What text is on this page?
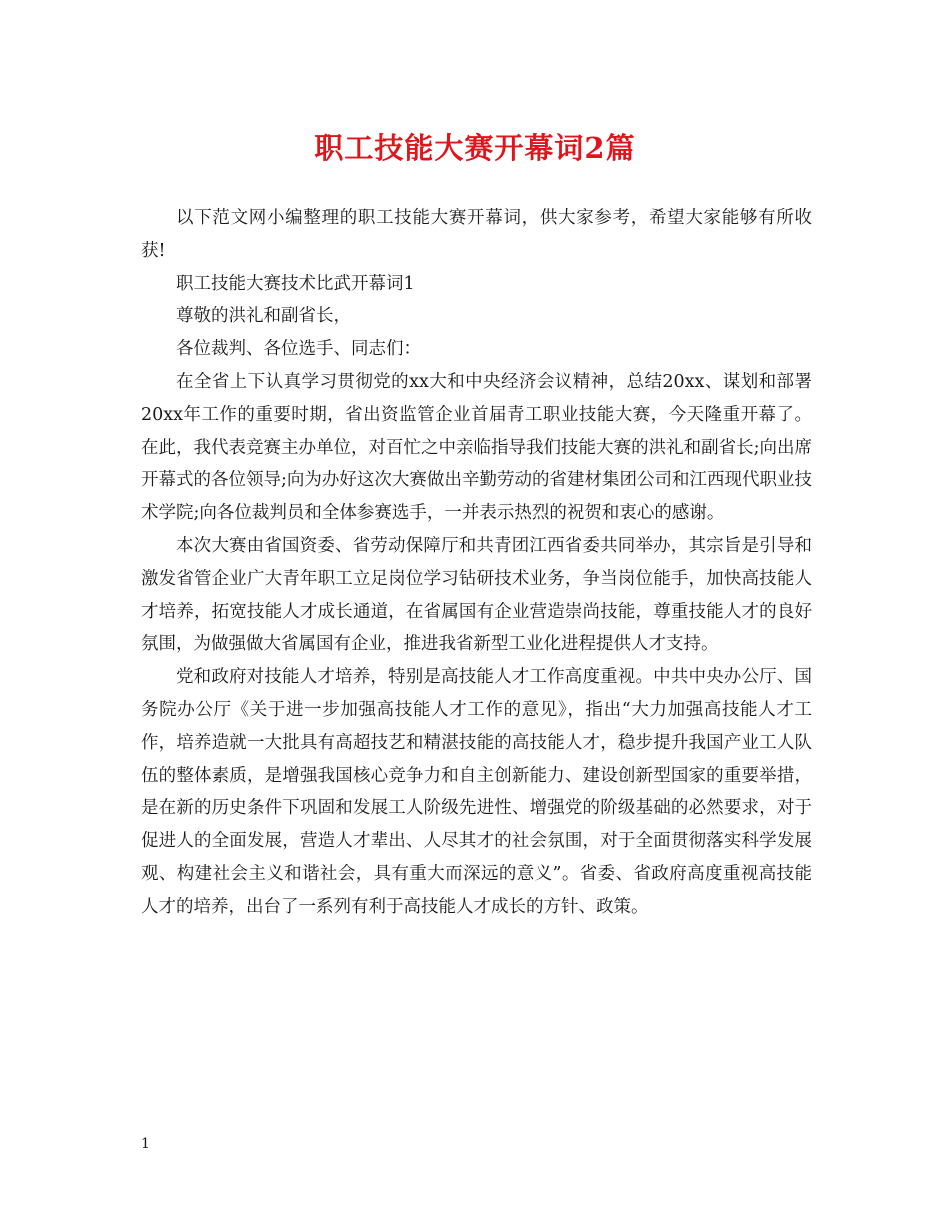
职工技能大赛开幕词2篇

以下范文网小编整理的职工技能大赛开幕词，供大家参考，希望大家能够有所收获!

职工技能大赛技术比武开幕词1

尊敬的洪礼和副省长，

各位裁判、各位选手、同志们：

在全省上下认真学习贯彻党的xx大和中央经济会议精神，总结20xx、谋划和部署20xx年工作的重要时期，省出资监管企业首届青工职业技能大赛，今天隆重开幕了。在此，我代表竞赛主办单位，对百忙之中亲临指导我们技能大赛的洪礼和副省长;向出席开幕式的各位领导;向为办好这次大赛做出辛勤劳动的省建材集团公司和江西现代职业技术学院;向各位裁判员和全体参赛选手，一并表示热烈的祝贺和衷心的感谢。

本次大赛由省国资委、省劳动保障厅和共青团江西省委共同举办，其宗旨是引导和激发省管企业广大青年职工立足岗位学习钻研技术业务，争当岗位能手，加快高技能人才培养，拓宽技能人才成长通道，在省属国有企业营造崇尚技能，尊重技能人才的良好氛围，为做强做大省属国有企业，推进我省新型工业化进程提供人才支持。

党和政府对技能人才培养，特别是高技能人才工作高度重视。中共中央办公厅、国务院办公厅《关于进一步加强高技能人才工作的意见》，指出“大力加强高技能人才工作，培养造就一大批具有高超技艺和精湛技能的高技能人才，稳步提升我国产业工人队伍的整体素质，是增强我国核心竞争力和自主创新能力、建设创新型国家的重要举措，是在新的历史条件下巩固和发展工人阶级先进性、增强党的阶级基础的必然要求，对于促进人的全面发展，营造人才辈出、人尽其才的社会氛围，对于全面贯彻落实科学发展观、构建社会主义和谐社会，具有重大而深远的意义”。省委、省政府高度重视高技能人才的培养，出台了一系列有利于高技能人才成长的方针、政策。

1
